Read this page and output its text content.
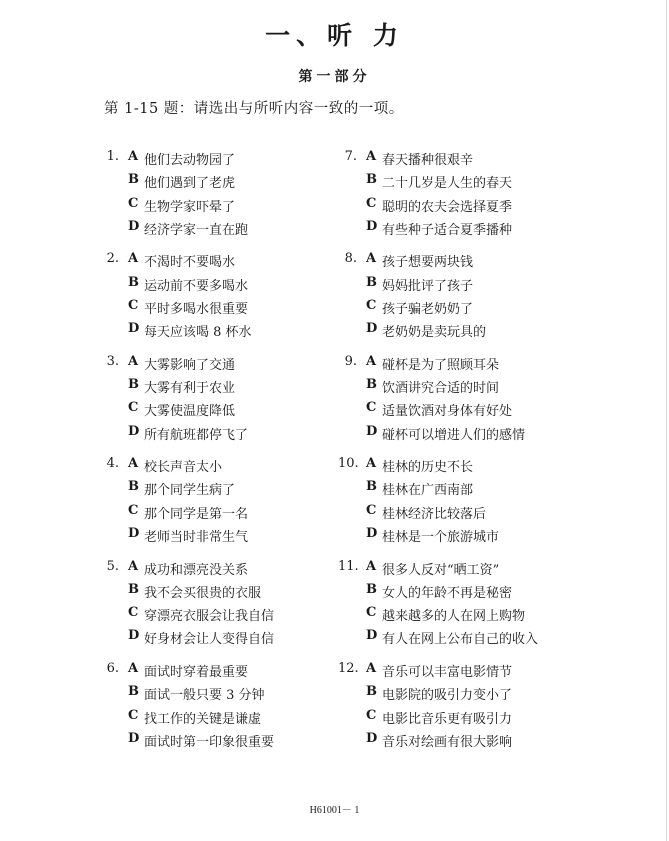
一、听 力
第一部分
第 1-15 题：请选出与所听内容一致的一项。
1. A 他们去动物园了
B 他们遇到了老虎
C 生物学家吓晕了
D 经济学家一直在跑
2. A 不渴时不要喝水
B 运动前不要多喝水
C 平时多喝水很重要
D 每天应该喝 8 杯水
3. A 大雾影响了交通
B 大雾有利于农业
C 大雾使温度降低
D 所有航班都停飞了
4. A 校长声音太小
B 那个同学生病了
C 那个同学是第一名
D 老师当时非常生气
5. A 成功和漂亮没关系
B 我不会买很贵的衣服
C 穿漂亮衣服会让我自信
D 好身材会让人变得自信
6. A 面试时穿着最重要
B 面试一般只要 3 分钟
C 找工作的关键是谦虚
D 面试时第一印象很重要
7. A 春天播种很艰辛
B 二十几岁是人生的春天
C 聪明的农夫会选择夏季
D 有些种子适合夏季播种
8. A 孩子想要两块钱
B 妈妈批评了孩子
C 孩子骗老奶奶了
D 老奶奶是卖玩具的
9. A 碰杯是为了照顾耳朵
B 饮酒讲究合适的时间
C 适量饮酒对身体有好处
D 碰杯可以增进人们的感情
10. A 桂林的历史不长
B 桂林在广西南部
C 桂林经济比较落后
D 桂林是一个旅游城市
11. A 很多人反对“晒工资”
B 女人的年龄不再是秘密
C 越来越多的人在网上购物
D 有人在网上公布自己的收入
12. A 音乐可以丰富电影情节
B 电影院的吸引力变小了
C 电影比音乐更有吸引力
D 音乐对绘画有很大影响
H61001－ 1
